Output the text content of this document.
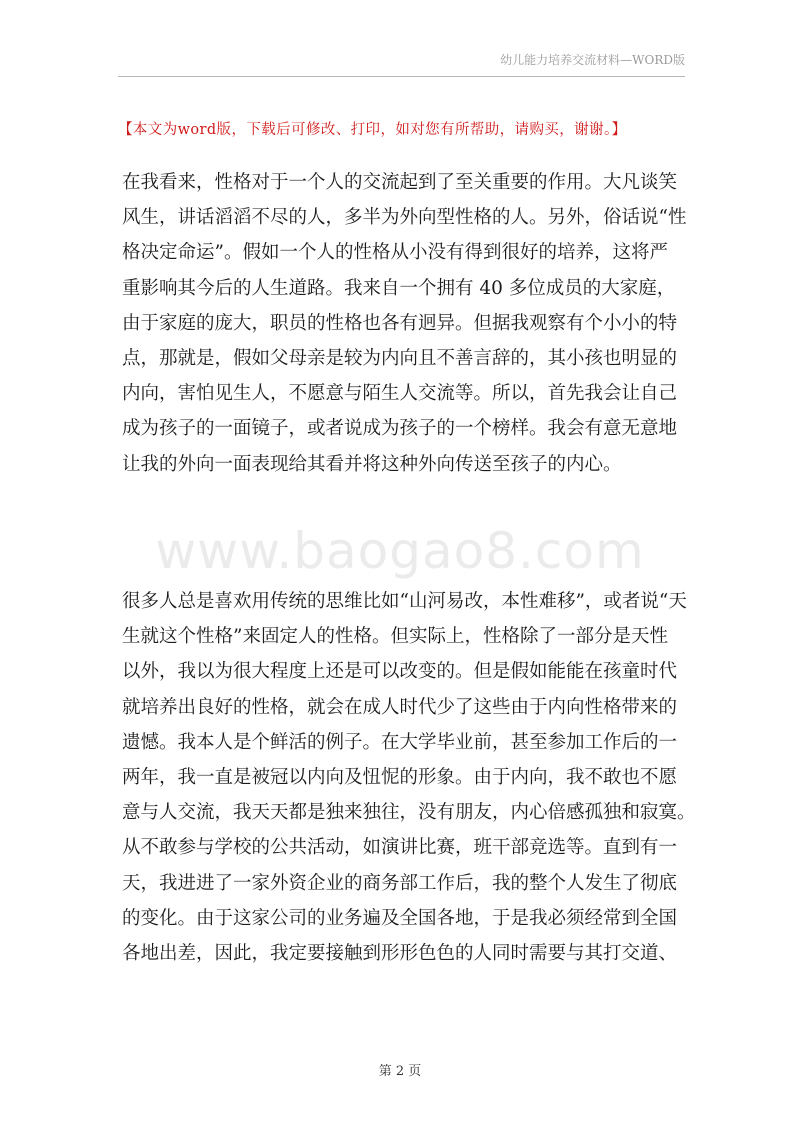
幼儿能力培养交流材料—WORD版
【本文为word版，下载后可修改、打印，如对您有所帮助，请购买，谢谢。】
在我看来，性格对于一个人的交流起到了至关重要的作用。大凡谈笑
风生，讲话滔滔不尽的人，多半为外向型性格的人。另外，俗话说“性
格决定命运”。假如一个人的性格从小没有得到很好的培养，这将严
重影响其今后的人生道路。我来自一个拥有 40 多位成员的大家庭，
由于家庭的庞大，职员的性格也各有迥异。但据我观察有个小小的特
点，那就是，假如父母亲是较为内向且不善言辞的，其小孩也明显的
内向，害怕见生人，不愿意与陌生人交流等。所以，首先我会让自己
成为孩子的一面镜子，或者说成为孩子的一个榜样。我会有意无意地
让我的外向一面表现给其看并将这种外向传送至孩子的内心。
www.baogao8.com
很多人总是喜欢用传统的思维比如“山河易改，本性难移”，或者说“天
生就这个性格”来固定人的性格。但实际上，性格除了一部分是天性
以外，我以为很大程度上还是可以改变的。但是假如能能在孩童时代
就培养出良好的性格，就会在成人时代少了这些由于内向性格带来的
遗憾。我本人是个鲜活的例子。在大学毕业前，甚至参加工作后的一
两年，我一直是被冠以内向及忸怩的形象。由于内向，我不敢也不愿
意与人交流，我天天都是独来独往，没有朋友，内心倍感孤独和寂寞。
从不敢参与学校的公共活动，如演讲比赛，班干部竞选等。直到有一
天，我进进了一家外资企业的商务部工作后，我的整个人发生了彻底
的变化。由于这家公司的业务遍及全国各地，于是我必须经常到全国
各地出差，因此，我定要接触到形形色色的人同时需要与其打交道、
第 2 页
